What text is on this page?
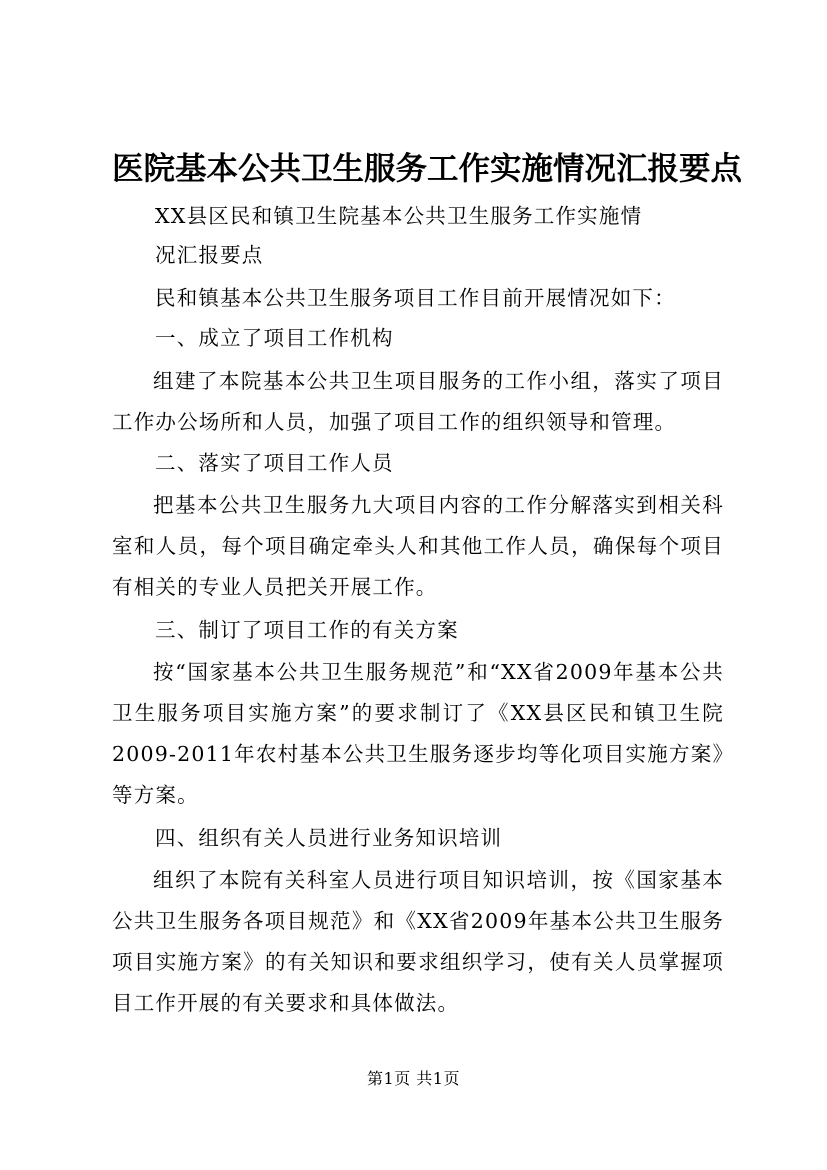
医院基本公共卫生服务工作实施情况汇报要点

XX县区民和镇卫生院基本公共卫生服务工作实施情

况汇报要点

民和镇基本公共卫生服务项目工作目前开展情况如下：

一、成立了项目工作机构

组建了本院基本公共卫生项目服务的工作小组，落实了项目工作办公场所和人员，加强了项目工作的组织领导和管理。

二、落实了项目工作人员

把基本公共卫生服务九大项目内容的工作分解落实到相关科室和人员，每个项目确定牵头人和其他工作人员，确保每个项目有相关的专业人员把关开展工作。

三、制订了项目工作的有关方案

按“国家基本公共卫生服务规范”和“XX省2009年基本公共卫生服务项目实施方案”的要求制订了《XX县区民和镇卫生院2009-2011年农村基本公共卫生服务逐步均等化项目实施方案》等方案。

四、组织有关人员进行业务知识培训

组织了本院有关科室人员进行项目知识培训，按《国家基本公共卫生服务各项目规范》和《XX省2009年基本公共卫生服务项目实施方案》的有关知识和要求组织学习，使有关人员掌握项目工作开展的有关要求和具体做法。

第1页 共1页
